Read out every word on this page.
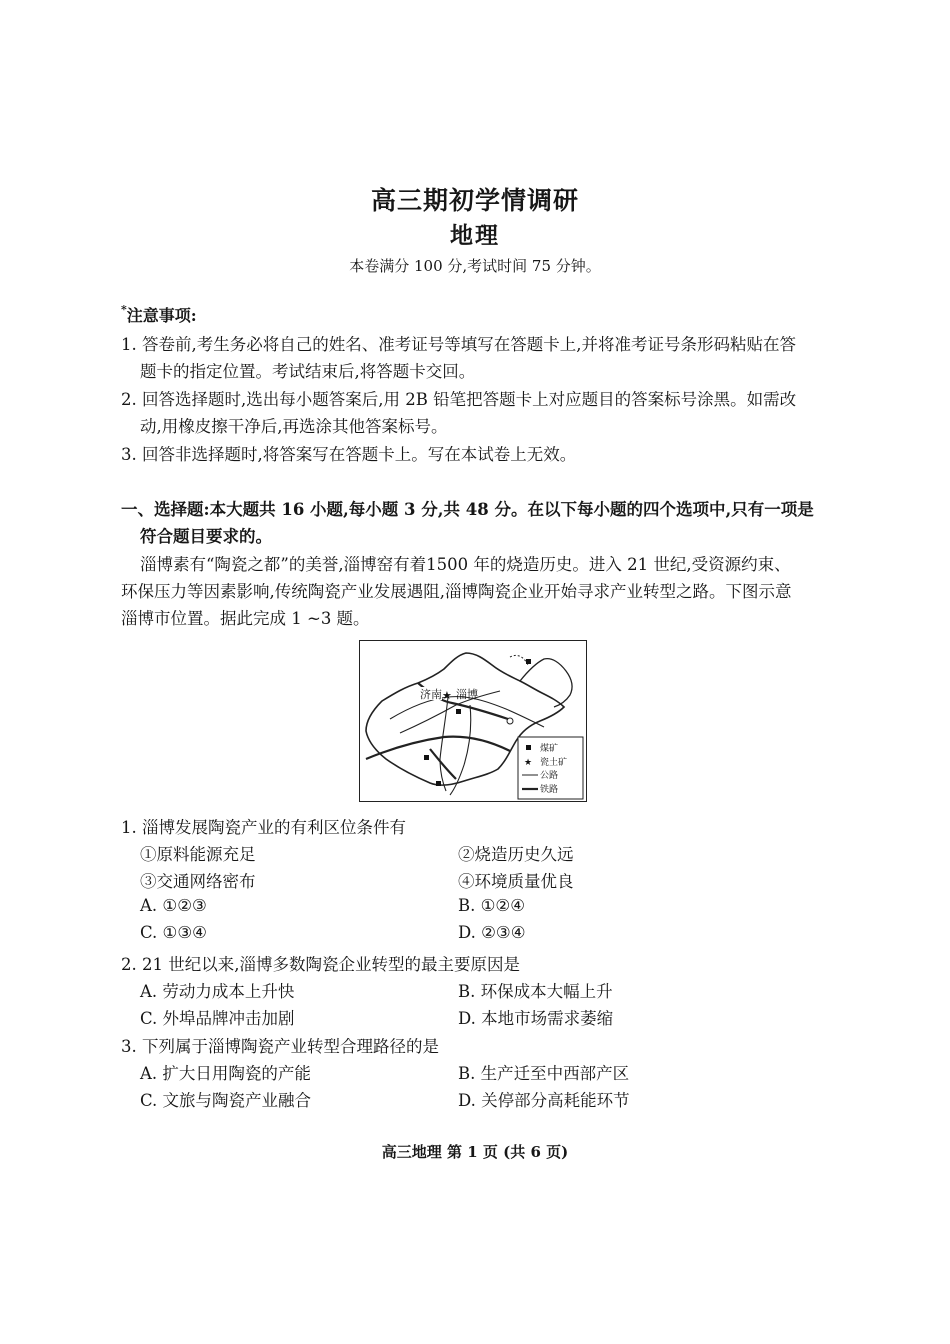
高三期初学情调研
地理
本卷满分 100 分,考试时间 75 分钟。
*注意事项:
1. 答卷前,考生务必将自己的姓名、准考证号等填写在答题卡上,并将准考证号条形码粘贴在答
题卡的指定位置。考试结束后,将答题卡交回。
2. 回答选择题时,选出每小题答案后,用 2B 铅笔把答题卡上对应题目的答案标号涂黑。如需改
动,用橡皮擦干净后,再选涂其他答案标号。
3. 回答非选择题时,将答案写在答题卡上。写在本试卷上无效。
一、选择题:本大题共 16 小题,每小题 3 分,共 48 分。在以下每小题的四个选项中,只有一项是
符合题目要求的。
淄博素有“陶瓷之都”的美誉,淄博窑有着1500 年的烧造历史。进入 21 世纪,受资源约束、
环保压力等因素影响,传统陶瓷产业发展遇阻,淄博陶瓷企业开始寻求产业转型之路。下图示意
淄博市位置。据此完成 1 ~3 题。
★
济南 淄博
煤矿
★ 瓷土矿
公路
铁路
1. 淄博发展陶瓷产业的有利区位条件有
①原料能源充足	②烧造历史久远
③交通网络密布	④环境质量优良
A. ①②③	B. ①②④
C. ①③④	D. ②③④
2. 21 世纪以来,淄博多数陶瓷企业转型的最主要原因是
A. 劳动力成本上升快	B. 环保成本大幅上升
C. 外埠品牌冲击加剧	D. 本地市场需求萎缩
3. 下列属于淄博陶瓷产业转型合理路径的是
A. 扩大日用陶瓷的产能	B. 生产迁至中西部产区
C. 文旅与陶瓷产业融合	D. 关停部分高耗能环节
高三地理 第 1 页 (共 6 页)
